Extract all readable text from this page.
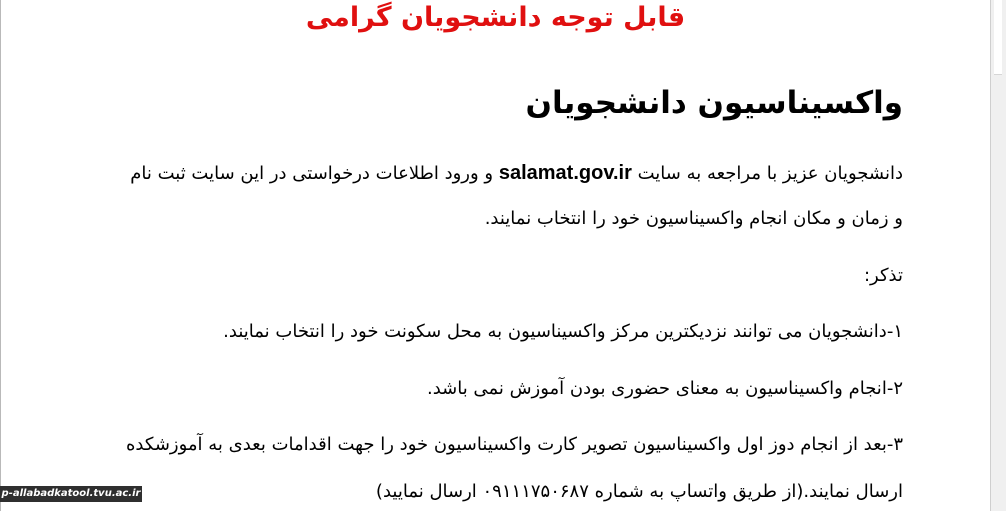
قابل توجه دانشجویان گرامی
واکسیناسیون دانشجویان
دانشجویان عزیز با مراجعه به سایت salamat.gov.ir و ورود اطلاعات درخواستی در این سایت ثبت نام
و زمان و مکان انجام واکسیناسیون خود را انتخاب نمایند.
تذکر:
۱-دانشجویان می توانند نزدیکترین مرکز واکسیناسیون به محل سکونت خود را انتخاب نمایند.
۲-انجام واکسیناسیون به معنای حضوری بودن آموزش نمی باشد.
۳-بعد از انجام دوز اول واکسیناسیون تصویر کارت واکسیناسیون خود را جهت اقدامات بعدی به آموزشکده
ارسال نمایند.(از طریق واتساپ به شماره ۰۹۱۱۱۷۵۰۶۸۷ ارسال نمایید)
p-allabadkatool.tvu.ac.ir
